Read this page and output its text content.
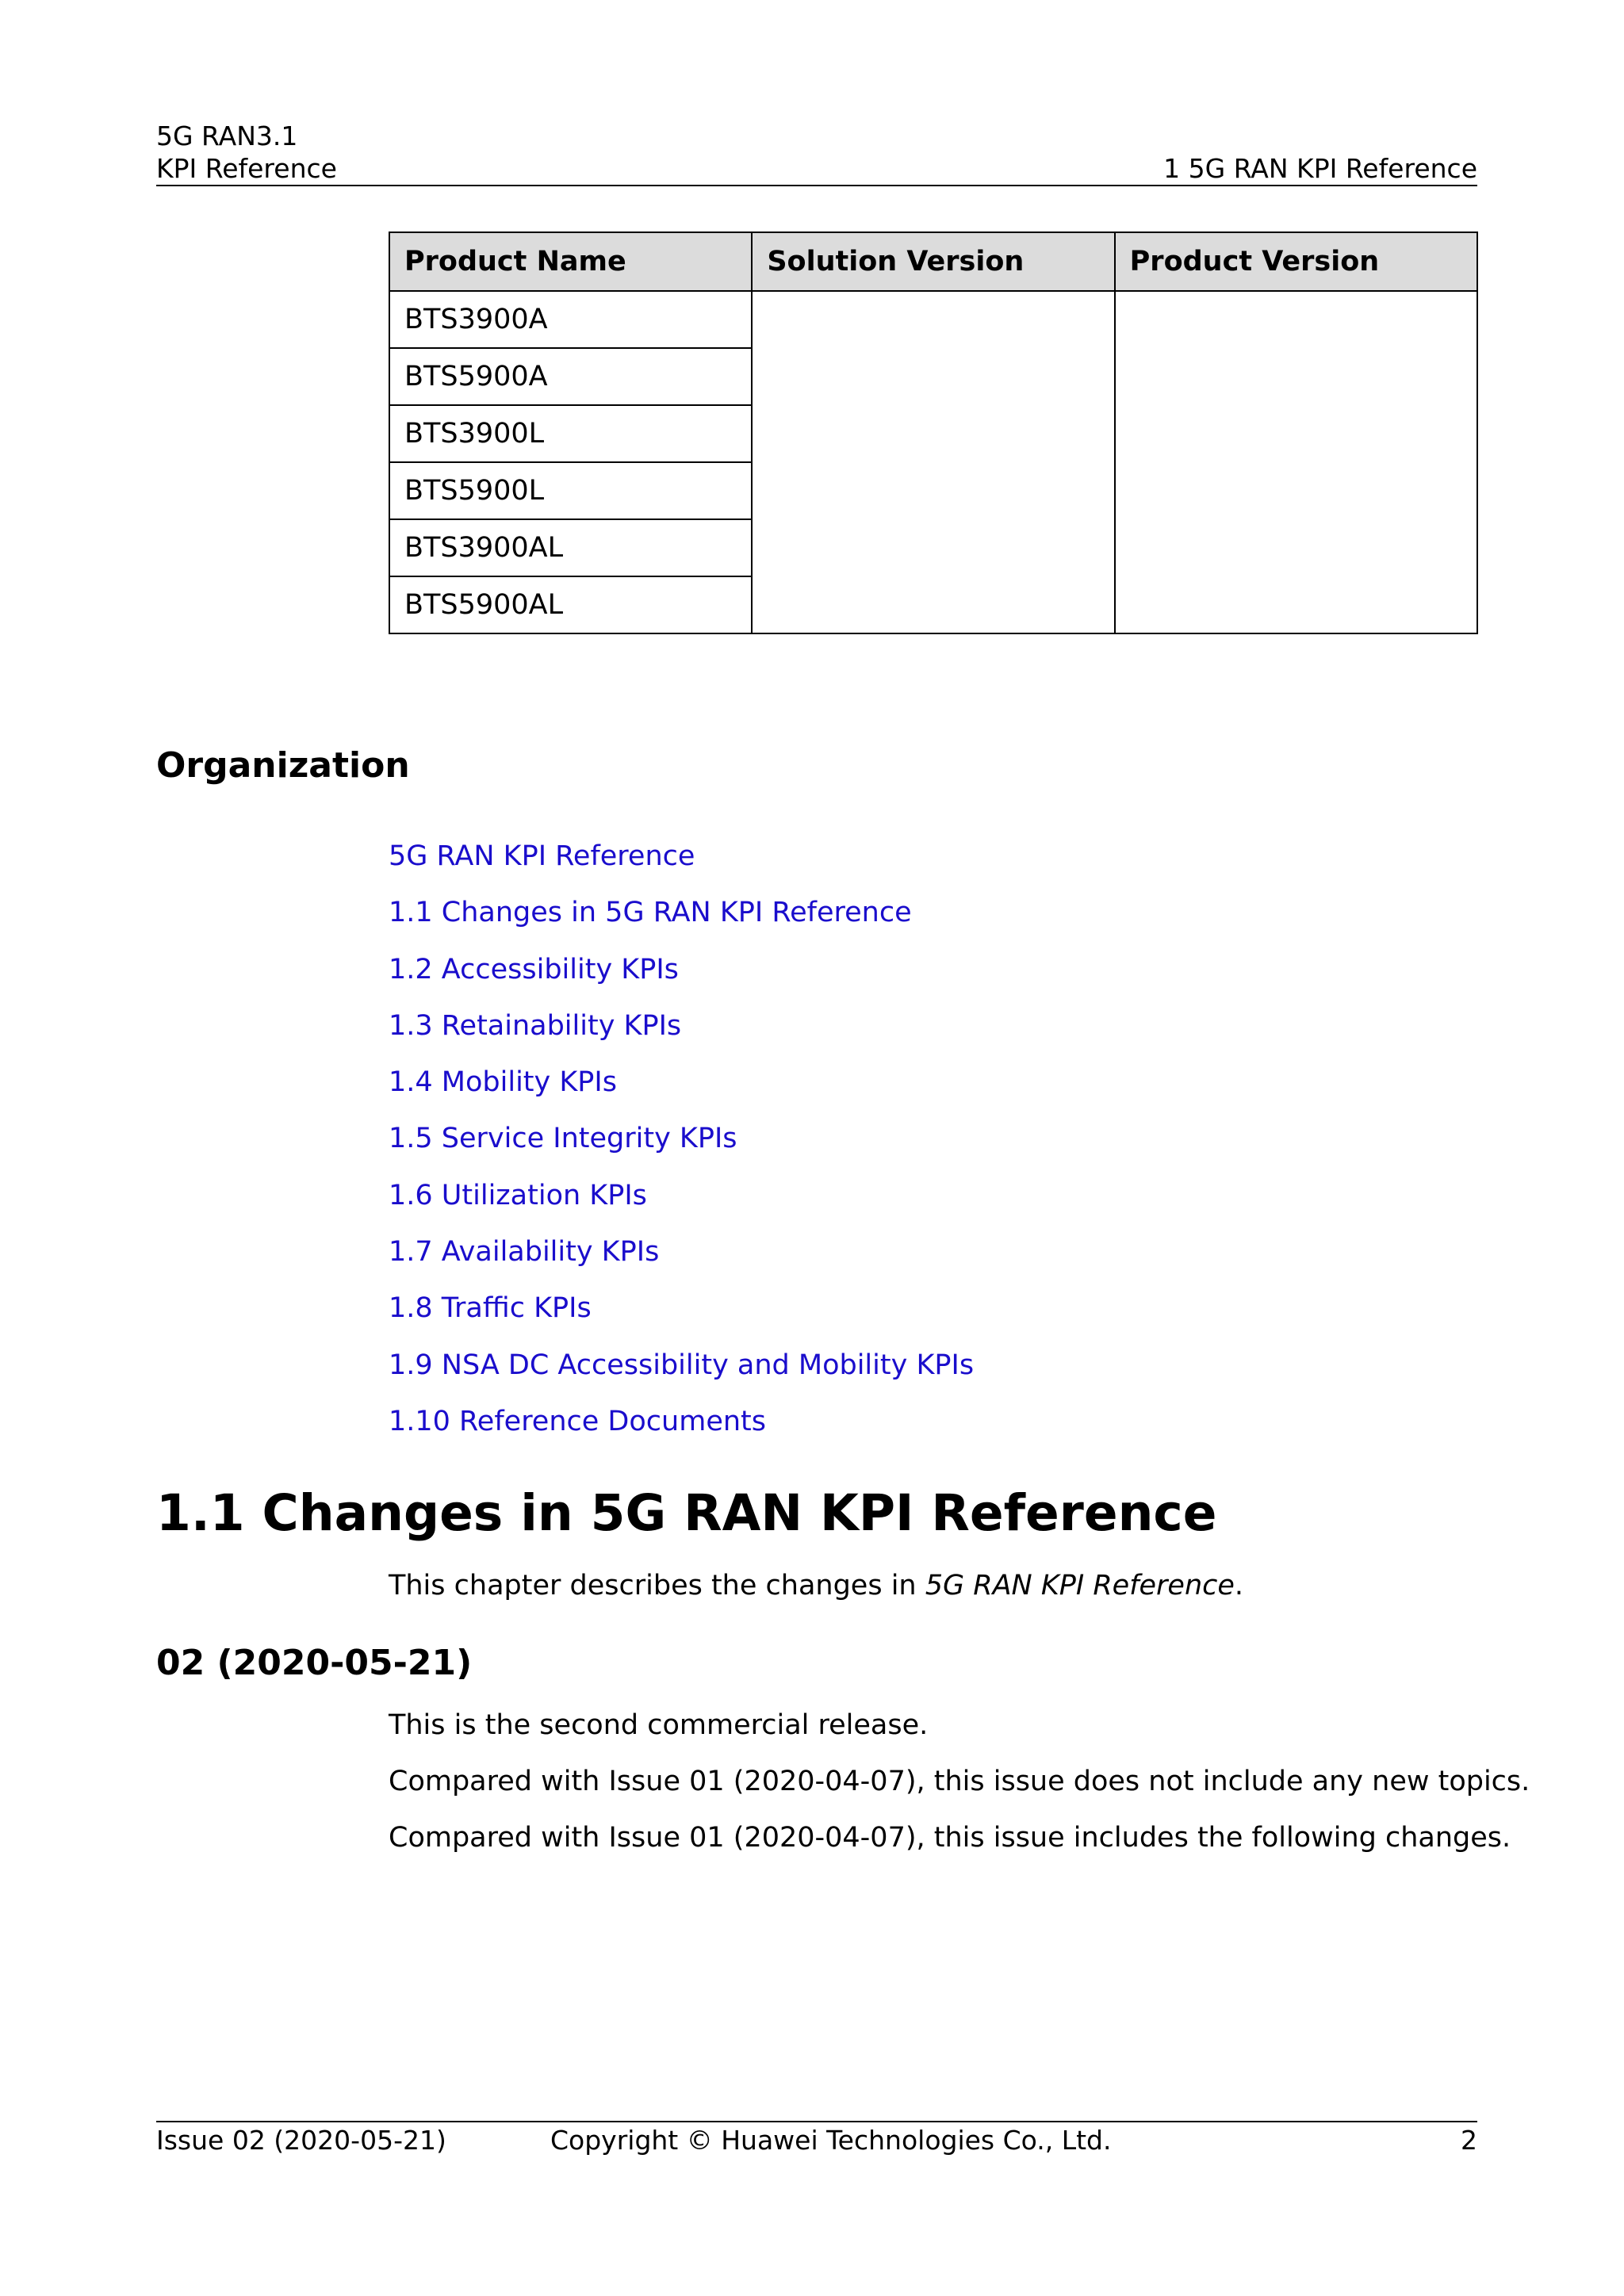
5G RAN3.1
KPI Reference	1 5G RAN KPI Reference
Product Name	Solution Version	Product Version
BTS3900A		
BTS5900A		
BTS3900L		
BTS5900L		
BTS3900AL		
BTS5900AL		
Organization
5G RAN KPI Reference
1.1 Changes in 5G RAN KPI Reference
1.2 Accessibility KPIs
1.3 Retainability KPIs
1.4 Mobility KPIs
1.5 Service Integrity KPIs
1.6 Utilization KPIs
1.7 Availability KPIs
1.8 Traffic KPIs
1.9 NSA DC Accessibility and Mobility KPIs
1.10 Reference Documents
1.1 Changes in 5G RAN KPI Reference
This chapter describes the changes in 5G RAN KPI Reference.
02 (2020-05-21)
This is the second commercial release.
Compared with Issue 01 (2020-04-07), this issue does not include any new topics.
Compared with Issue 01 (2020-04-07), this issue includes the following changes.
Issue 02 (2020-05-21)	Copyright © Huawei Technologies Co., Ltd.	2
